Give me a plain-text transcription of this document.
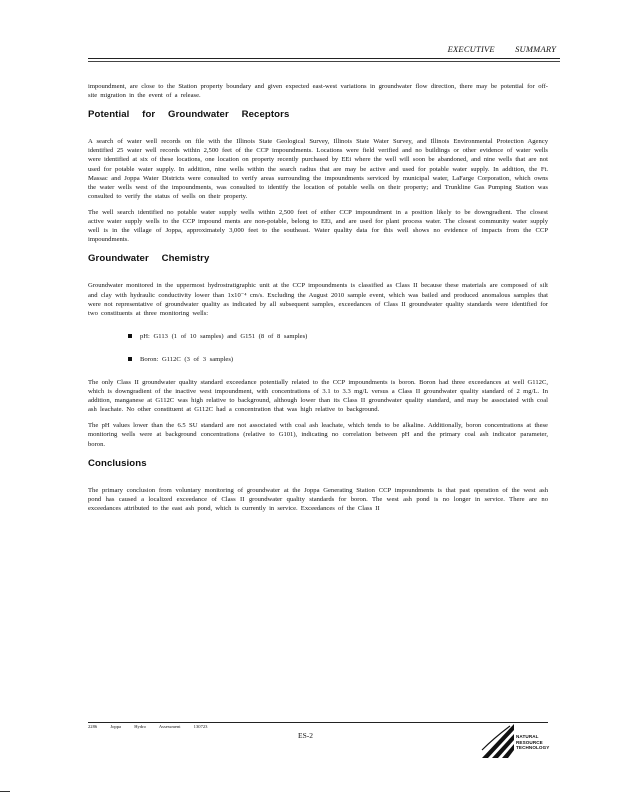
EXECUTIVE SUMMARY

impoundment, are close to the Station property boundary and given expected east-west variations in groundwater flow direction, there may be potential for off-site migration in the event of a release.

Potential for Groundwater Receptors

A search of water well records on file with the Illinois State Geological Survey, Illinois State Water Survey, and Illinois Environmental Protection Agency identified 25 water well records within 2,500 feet of the CCP impoundments. Locations were field verified and no buildings or other evidence of water wells were identified at six of these locations, one location on property recently purchased by EEi where the well will soon be abandoned, and nine wells that are not used for potable water supply. In addition, nine wells within the search radius that are may be active and used for potable water supply. In addition, the Ft. Massac and Joppa Water Districts were consulted to verify areas surrounding the impoundments serviced by municipal water, LaFarge Corporation, which owns the water wells west of the impoundments, was consulted to identify the location of potable wells on their property; and Trunkline Gas Pumping Station was consulted to verify the status of wells on their property.

The well search identified no potable water supply wells within 2,500 feet of either CCP impoundment in a position likely to be downgradient. The closest active water supply wells to the CCP impound ments are non-potable, belong to EEi, and are used for plant process water. The closest community water supply well is in the village of Joppa, approximately 3,000 feet to the southeast. Water quality data for this well shows no evidence of impacts from the CCP impoundments.

Groundwater Chemistry

Groundwater monitored in the uppermost hydrostratigraphic unit at the CCP impoundments is classified as Class II because these materials are composed of silt and clay with hydraulic conductivity lower than 1x10⁻⁴ cm/s. Excluding the August 2010 sample event, which was bailed and produced anomalous samples that were not representative of groundwater quality as indicated by all subsequent samples, exceedances of Class II groundwater quality standards were identified for two constituents at three monitoring wells:

pH: G113 (1 of 10 samples) and G151 (8 of 8 samples)
Boron: G112C (3 of 3 samples)

The only Class II groundwater quality standard exceedance potentially related to the CCP impoundments is boron. Boron had three exceedances at well G112C, which is downgradient of the inactive west impoundment, with concentrations of 3.1 to 3.3 mg/L versus a Class II groundwater quality standard of 2 mg/L. In addition, manganese at G112C was high relative to background, although lower than its Class II groundwater quality standard, and may be associated with coal ash leachate. No other constituent at G112C had a concentration that was high relative to background.

The pH values lower than the 6.5 SU standard are not associated with coal ash leachate, which tends to be alkaline. Additionally, boron concentrations at these monitoring wells were at background concentrations (relative to G101), indicating no correlation between pH and the primary coal ash indicator parameter, boron.

Conclusions

The primary conclusion from voluntary monitoring of groundwater at the Joppa Generating Station CCP impoundments is that past operation of the west ash pond has caused a localized exceedance of Class II groundwater quality standards for boron. The west ash pond is no longer in service. There are no exceedances attributed to the east ash pond, which is currently in service. Exceedances of the Class II

2286 Joppa Hydro Assessment 130723
ES-2	NATURAL
RESOURCE
TECHNOLOGY
